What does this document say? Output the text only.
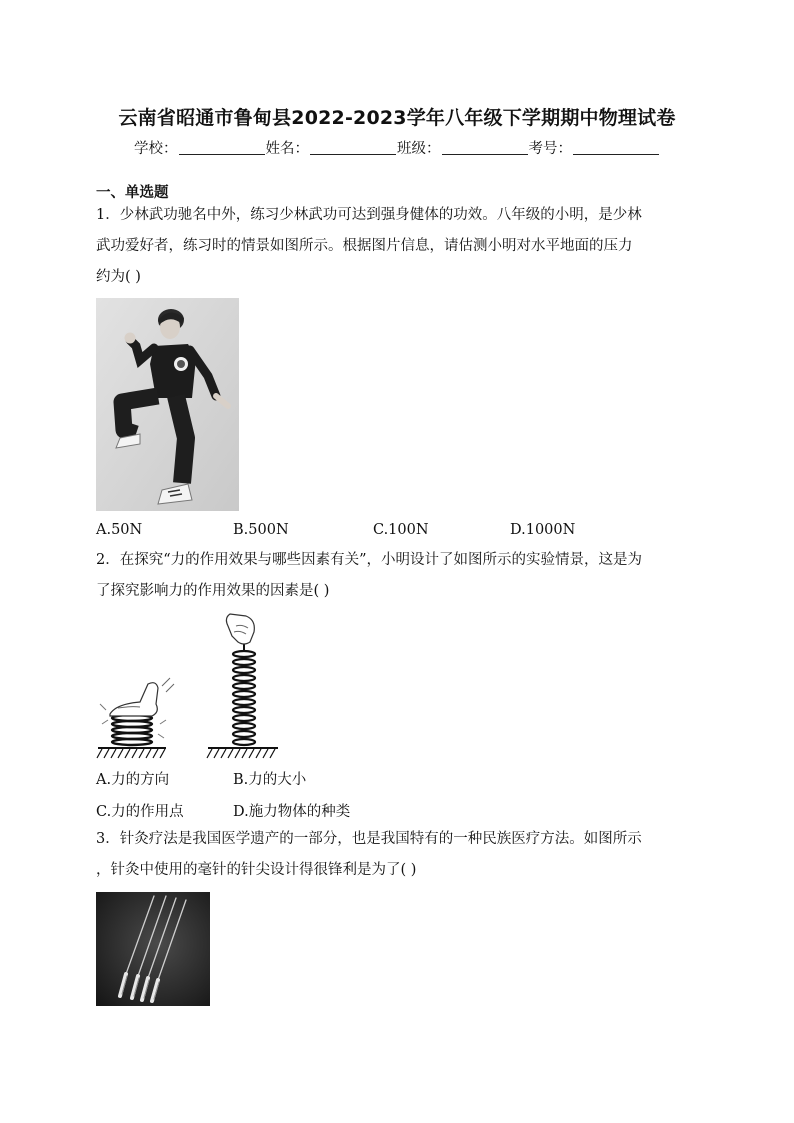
云南省昭通市鲁甸县2022-2023学年八年级下学期期中物理试卷
学校：	姓名：	班级：	考号：
一、单选题

1．少林武功驰名中外，练习少林武功可达到强身健体的功效。八年级的小明，是少林

武功爱好者，练习时的情景如图所示。根据图片信息，请估测小明对水平地面的压力

约为( )

A.50N	B.500N	C.100N	D.1000N

2．在探究“力的作用效果与哪些因素有关”，小明设计了如图所示的实验情景，这是为

了探究影响力的作用效果的因素是( )

A.力的方向	B.力的大小
C.力的作用点	D.施力物体的种类

3．针灸疗法是我国医学遗产的一部分，也是我国特有的一种民族医疗方法。如图所示

，针灸中使用的毫针的针尖设计得很锋利是为了( )
